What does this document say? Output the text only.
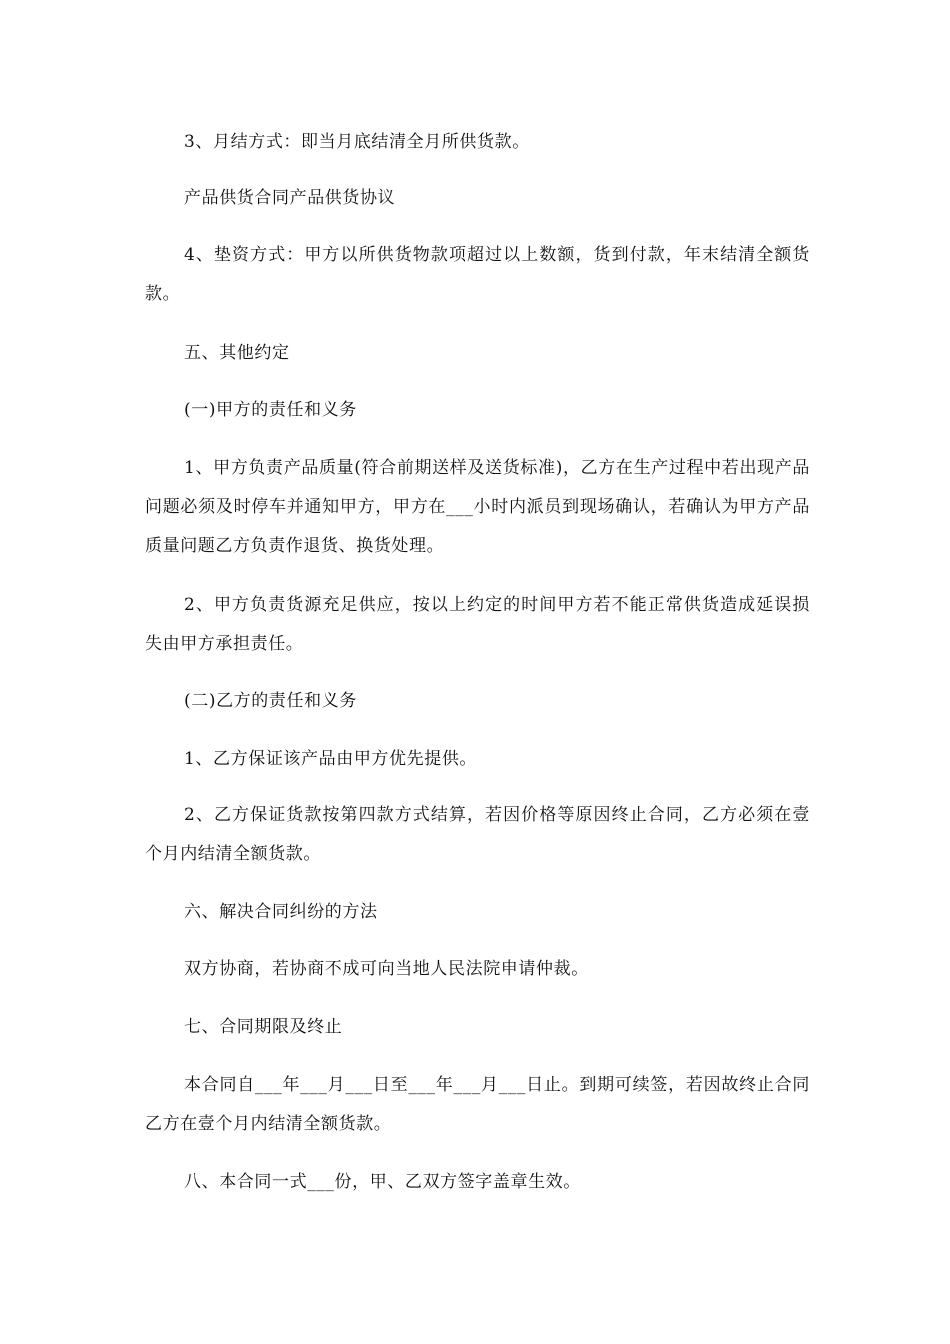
3、月结方式：即当月底结清全月所供货款。

产品供货合同产品供货协议

4、垫资方式：甲方以所供货物款项超过以上数额，货到付款，年末结清全额货款。

五、其他约定

(一)甲方的责任和义务

1、甲方负责产品质量(符合前期送样及送货标准)，乙方在生产过程中若出现产品问题必须及时停车并通知甲方，甲方在___小时内派员到现场确认，若确认为甲方产品质量问题乙方负责作退货、换货处理。

2、甲方负责货源充足供应，按以上约定的时间甲方若不能正常供货造成延误损失由甲方承担责任。

(二)乙方的责任和义务

1、乙方保证该产品由甲方优先提供。

2、乙方保证货款按第四款方式结算，若因价格等原因终止合同，乙方必须在壹个月内结清全额货款。

六、解决合同纠纷的方法

双方协商，若协商不成可向当地人民法院申请仲裁。

七、合同期限及终止

本合同自___年___月___日至___年___月___日止。到期可续签，若因故终止合同乙方在壹个月内结清全额货款。

八、本合同一式___份，甲、乙双方签字盖章生效。
